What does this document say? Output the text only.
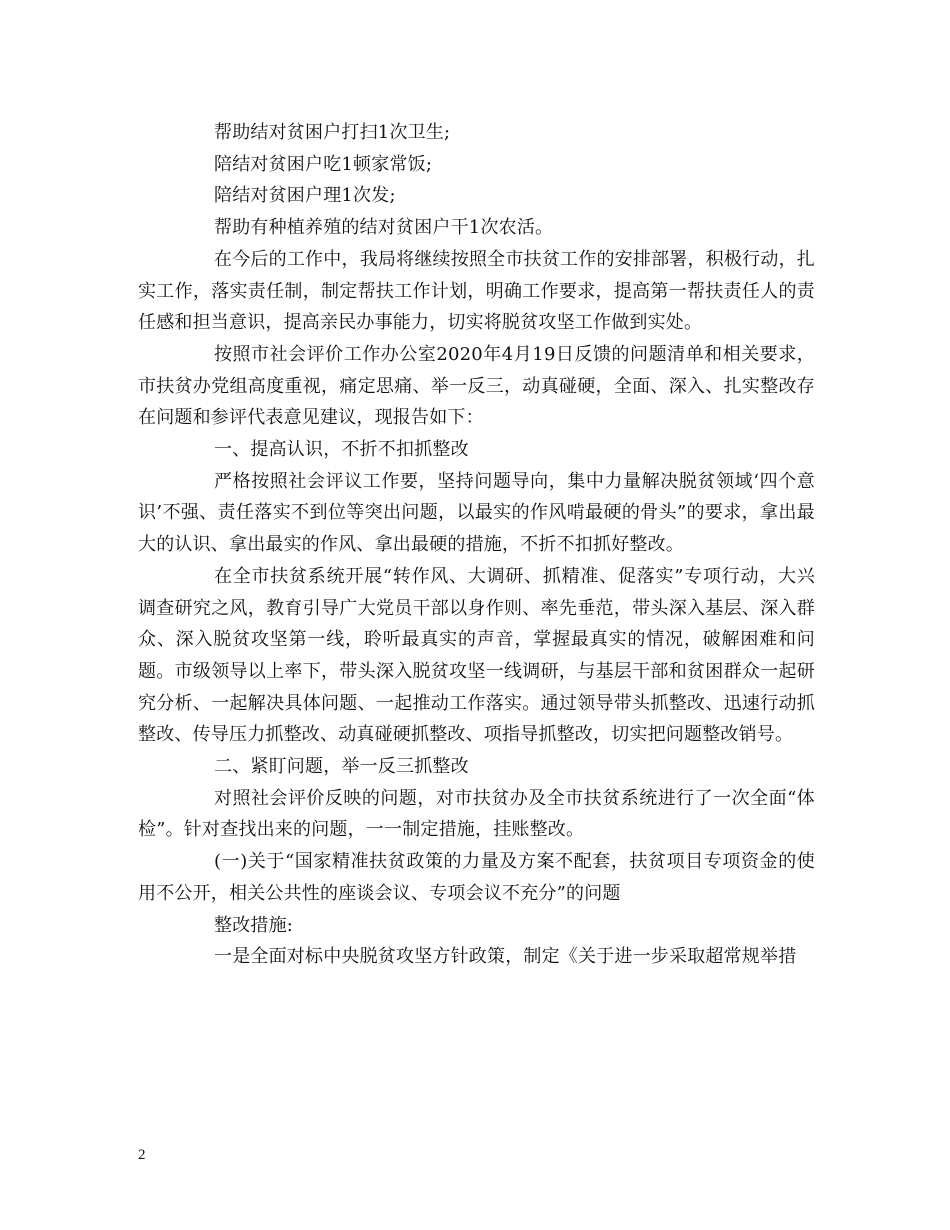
帮助结对贫困户打扫1次卫生;

陪结对贫困户吃1顿家常饭;

陪结对贫困户理1次发;

帮助有种植养殖的结对贫困户干1次农活。

在今后的工作中，我局将继续按照全市扶贫工作的安排部署，积极行动，扎实工作，落实责任制，制定帮扶工作计划，明确工作要求，提高第一帮扶责任人的责任感和担当意识，提高亲民办事能力，切实将脱贫攻坚工作做到实处。

按照市社会评价工作办公室2020年4月19日反馈的问题清单和相关要求，市扶贫办党组高度重视，痛定思痛、举一反三，动真碰硬，全面、深入、扎实整改存在问题和参评代表意见建议，现报告如下：

一、提高认识，不折不扣抓整改

严格按照社会评议工作要，坚持问题导向，集中力量解决脱贫领域‘四个意识’不强、责任落实不到位等突出问题，以最实的作风啃最硬的骨头”的要求，拿出最大的认识、拿出最实的作风、拿出最硬的措施，不折不扣抓好整改。

在全市扶贫系统开展“转作风、大调研、抓精准、促落实”专项行动，大兴调查研究之风，教育引导广大党员干部以身作则、率先垂范，带头深入基层、深入群众、深入脱贫攻坚第一线，聆听最真实的声音，掌握最真实的情况，破解困难和问题。市级领导以上率下，带头深入脱贫攻坚一线调研，与基层干部和贫困群众一起研究分析、一起解决具体问题、一起推动工作落实。通过领导带头抓整改、迅速行动抓整改、传导压力抓整改、动真碰硬抓整改、项指导抓整改，切实把问题整改销号。

二、紧盯问题，举一反三抓整改

对照社会评价反映的问题，对市扶贫办及全市扶贫系统进行了一次全面“体检”。针对查找出来的问题，一一制定措施，挂账整改。

(一)关于“国家精准扶贫政策的力量及方案不配套，扶贫项目专项资金的使用不公开，相关公共性的座谈会议、专项会议不充分”的问题

整改措施:

一是全面对标中央脱贫攻坚方针政策，制定《关于进一步采取超常规举措

2
